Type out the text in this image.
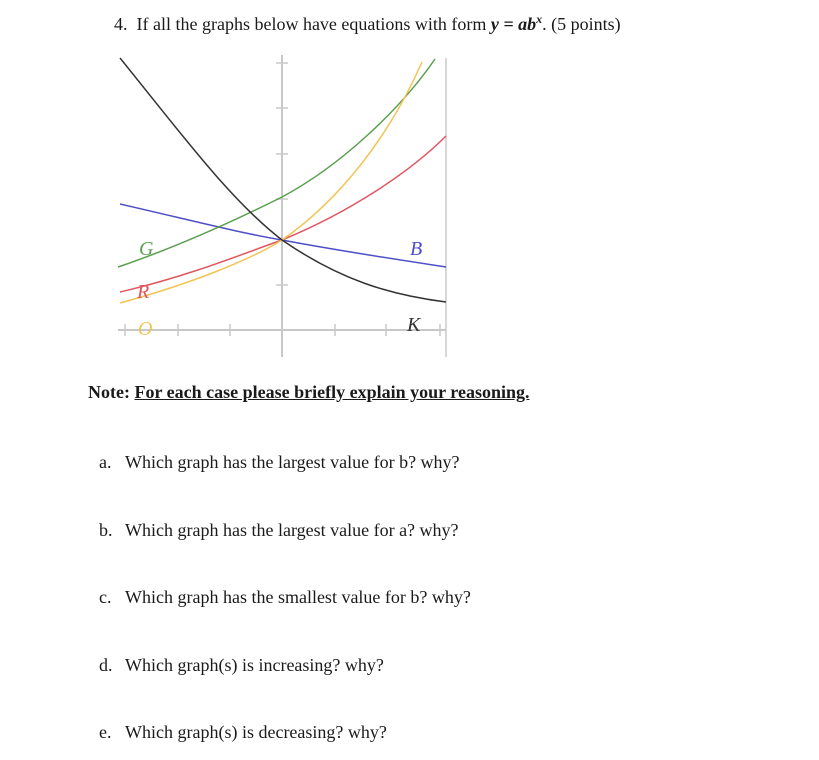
4. If all the graphs below have equations with form $y = ab^x$. (5 points)
G
R
O
B
K
Note: For each case please briefly explain your reasoning.
a. Which graph has the largest value for b? why?
b. Which graph has the largest value for a? why?
c. Which graph has the smallest value for b? why?
d. Which graph(s) is increasing? why?
e. Which graph(s) is decreasing? why?
